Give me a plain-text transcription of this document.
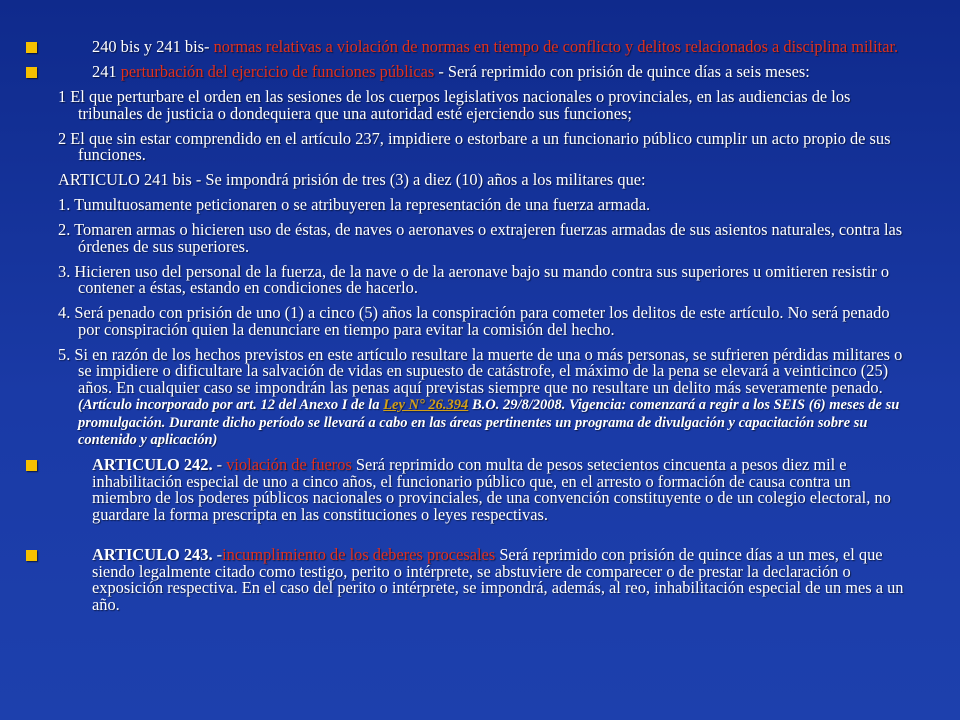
240 bis y 241 bis- normas relativas a violación de normas en tiempo de conflicto y delitos relacionados a disciplina militar.
241 perturbación del ejercicio de funciones públicas - Será reprimido con prisión de quince días a seis meses:
1 El que perturbare el orden en las sesiones de los cuerpos legislativos nacionales o provinciales, en las audiencias de los tribunales de justicia o dondequiera que una autoridad esté ejerciendo sus funciones;
2 El que sin estar comprendido en el artículo 237, impidiere o estorbare a un funcionario público cumplir un acto propio de sus funciones.
ARTICULO 241 bis - Se impondrá prisión de tres (3) a diez (10) años a los militares que:
1. Tumultuosamente peticionaren o se atribuyeren la representación de una fuerza armada.
2. Tomaren armas o hicieren uso de éstas, de naves o aeronaves o extrajeren fuerzas armadas de sus asientos naturales, contra las órdenes de sus superiores.
3. Hicieren uso del personal de la fuerza, de la nave o de la aeronave bajo su mando contra sus superiores u omitieren resistir o contener a éstas, estando en condiciones de hacerlo.
4. Será penado con prisión de uno (1) a cinco (5) años la conspiración para cometer los delitos de este artículo. No será penado por conspiración quien la denunciare en tiempo para evitar la comisión del hecho.
5. Si en razón de los hechos previstos en este artículo resultare la muerte de una o más personas, se sufrieren pérdidas militares o se impidiere o dificultare la salvación de vidas en supuesto de catástrofe, el máximo de la pena se elevará a veinticinco (25) años. En cualquier caso se impondrán las penas aquí previstas siempre que no resultare un delito más severamente penado. (Artículo incorporado por art. 12 del Anexo I de la Ley N° 26.394 B.O. 29/8/2008. Vigencia: comenzará a regir a los SEIS (6) meses de su promulgación. Durante dicho período se llevará a cabo en las áreas pertinentes un programa de divulgación y capacitación sobre su contenido y aplicación)
ARTICULO 242. - violación de fueros Será reprimido con multa de pesos setecientos cincuenta a pesos diez mil e inhabilitación especial de uno a cinco años, el funcionario público que, en el arresto o formación de causa contra un miembro de los poderes públicos nacionales o provinciales, de una convención constituyente o de un colegio electoral, no guardare la forma prescripta en las constituciones o leyes respectivas.
ARTICULO 243. -incumplimiento de los deberes procesales Será reprimido con prisión de quince días a un mes, el que siendo legalmente citado como testigo, perito o intérprete, se abstuviere de comparecer o de prestar la declaración o exposición respectiva. En el caso del perito o intérprete, se impondrá, además, al reo, inhabilitación especial de un mes a un año.
